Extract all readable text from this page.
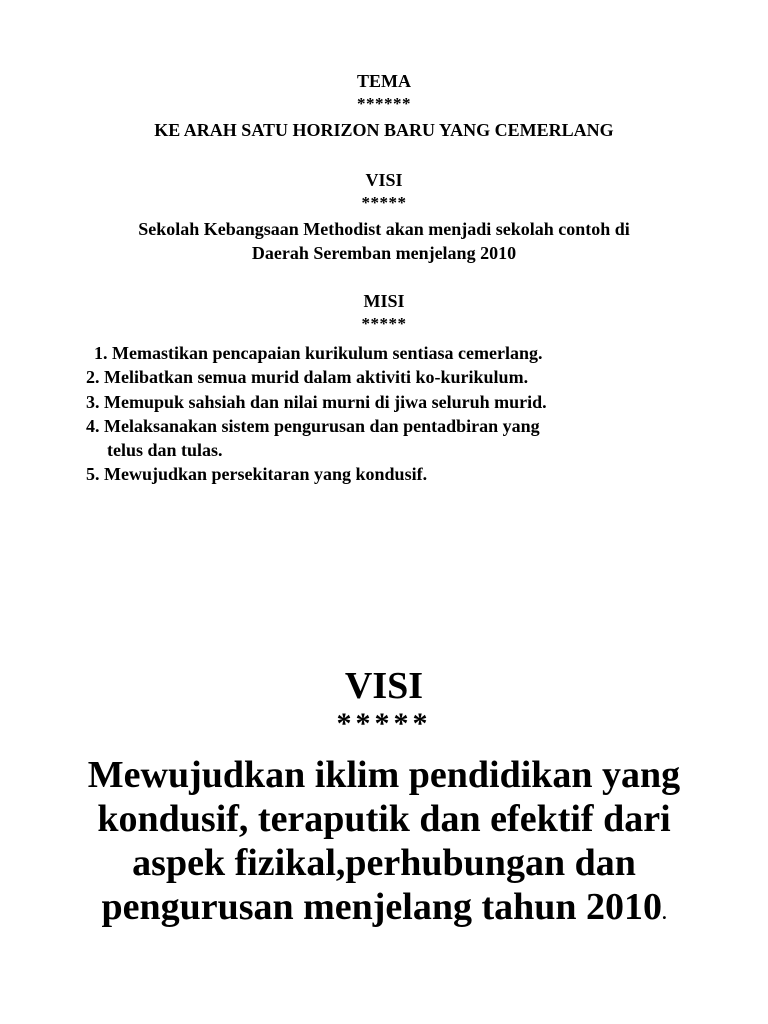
TEMA
******
KE ARAH SATU HORIZON BARU YANG CEMERLANG
VISI
*****
Sekolah Kebangsaan Methodist akan menjadi sekolah contoh di
Daerah Seremban menjelang 2010
MISI
*****
1. Memastikan pencapaian kurikulum sentiasa cemerlang.
2. Melibatkan semua murid dalam aktiviti ko-kurikulum.
3. Memupuk sahsiah dan nilai murni di jiwa seluruh murid.
4. Melaksanakan sistem pengurusan dan pentadbiran yang
telus dan tulas.
5. Mewujudkan persekitaran yang kondusif.
VISI
*****
Mewujudkan iklim pendidikan yang
kondusif, teraputik dan efektif dari
aspek fizikal,perhubungan dan
pengurusan menjelang tahun 2010.
